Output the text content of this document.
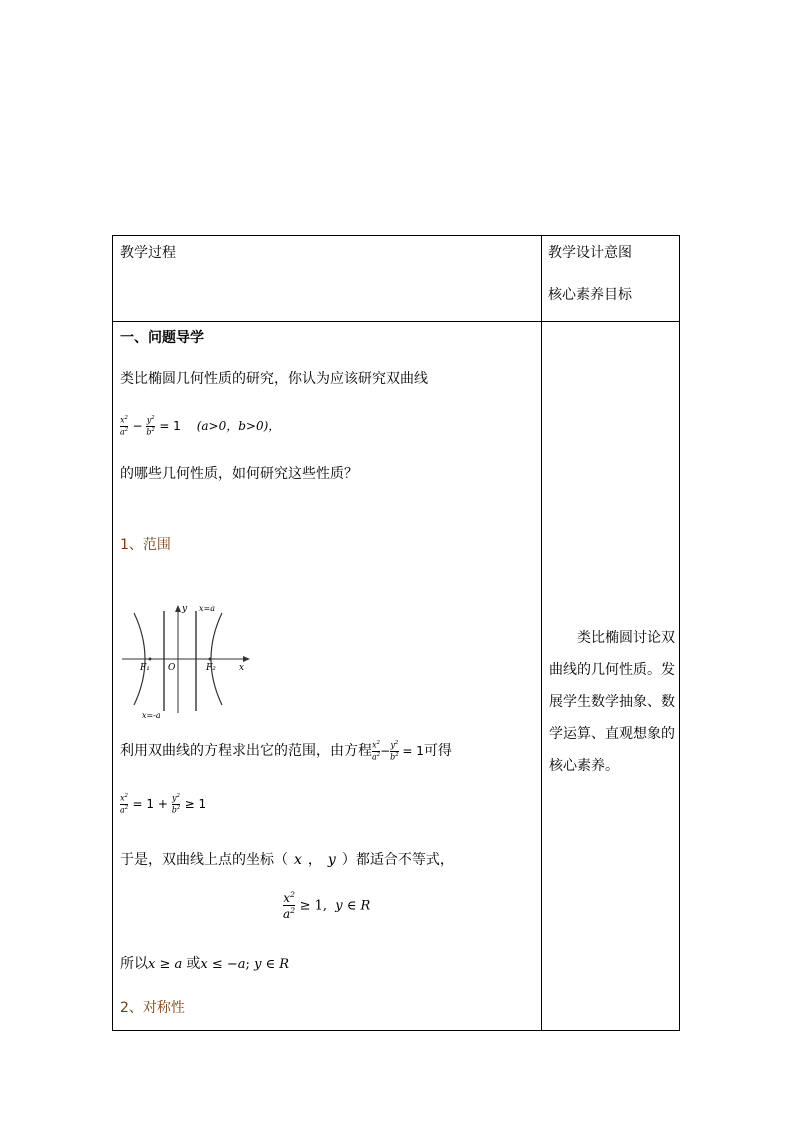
教学过程	教学设计意图
核心素养目标
一、问题导学
类比椭圆几何性质的研究，你认为应该研究双曲线
$\frac{x^2}{a^2} - \frac{y^2}{b^2} = 1$    (a>0，b>0)，
的哪些几何性质，如何研究这些性质？
1、范围
y
x
x=a
x=-a
O
F₁	F₂
利用双曲线的方程求出它的范围，由方程 $\frac{x^2}{a^2} - \frac{y^2}{b^2} = 1$可得
$\frac{x^2}{a^2} = 1 + \frac{y^2}{b^2} \ge 1$
于是，双曲线上点的坐标（ x ， y ）都适合不等式，
$\frac{x^2}{a^2} \ge 1$,  y ∈ R
所以x ≥ a 或x ≤ −a; y ∈ R
2、对称性
类比椭圆讨论双曲线的几何性质。发展学生数学抽象、数学运算、直观想象的核心素养。
